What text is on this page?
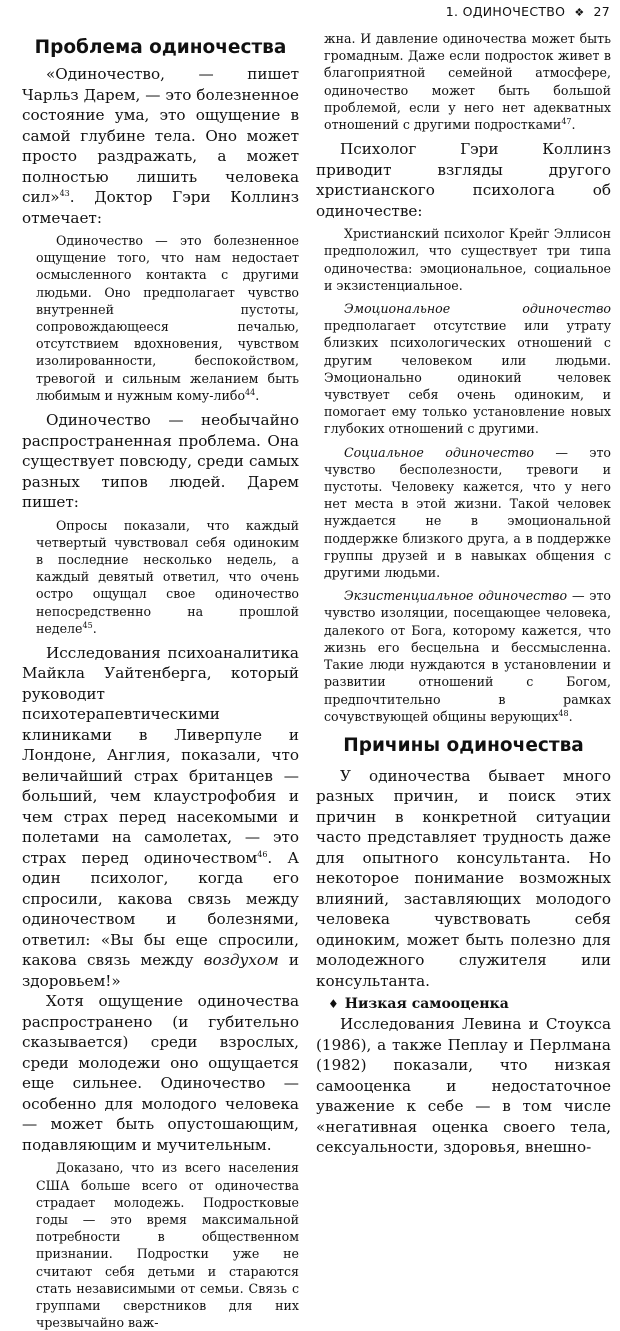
1. ОДИНОЧЕСТВО ❖ 27
Проблема одиночества

«Одиночество, — пишет Чарльз Дарем, — это болезненное состояние ума, это ощущение в самой глубине тела. Оно может просто раздражать, а может полностью лишить человека сил»$^{43}$. Доктор Гэри Коллинз отмечает:

Одиночество — это болезненное ощущение того, что нам недостает осмысленного контакта с другими людьми. Оно предполагает чувство внутренней пустоты, сопровождающееся печалью, отсутствием вдохновения, чувством изолированности, беспокойством, тревогой и сильным желанием быть любимым и нужным кому-либо$^{44}$.

Одиночество — необычайно распространенная проблема. Она существует повсюду, среди самых разных типов людей. Дарем пишет:

Опросы показали, что каждый четвертый чувствовал себя одиноким в последние несколько недель, а каждый девятый ответил, что очень остро ощущал свое одиночество непосредственно на прошлой неделе$^{45}$.

Исследования психоаналитика Майкла Уайтенберга, который руководит психотерапевтическими клиниками в Ливерпуле и Лондоне, Англия, показали, что величайший страх британцев — больший, чем клаустрофобия и чем страх перед насекомыми и полетами на самолетах, — это страх перед одиночеством$^{46}$. А один психолог, когда его спросили, какова связь между одиночеством и болезнями, ответил: «Вы бы еще спросили, какова связь между воздухом и здоровьем!»

Хотя ощущение одиночества распространено (и губительно сказывается) среди взрослых, среди молодежи оно ощущается еще сильнее. Одиночество — особенно для молодого человека — может быть опустошающим, подавляющим и мучительным.

Доказано, что из всего населения США больше всего от одиночества страдает молодежь. Подростковые годы — это время максимальной потребности в общественном признании. Подростки уже не считают себя детьми и стараются стать независимыми от семьи. Связь с группами сверстников для них чрезвычайно важ-

жна. И давление одиночества может быть громадным. Даже если подросток живет в благоприятной семейной атмосфере, одиночество может быть большой проблемой, если у него нет адекватных отношений с другими подростками$^{47}$.

Психолог Гэри Коллинз приводит взгляды другого христианского психолога об одиночестве:

Христианский психолог Крейг Эллисон предположил, что существует три типа одиночества: эмоциональное, социальное и экзистенциальное.

Эмоциональное одиночество предполагает отсутствие или утрату близких психологических отношений с другим человеком или людьми. Эмоционально одинокий человек чувствует себя очень одиноким, и помогает ему только установление новых глубоких отношений с другими.

Социальное одиночество — это чувство бесполезности, тревоги и пустоты. Человеку кажется, что у него нет места в этой жизни. Такой человек нуждается не в эмоциональной поддержке близкого друга, а в поддержке группы друзей и в навыках общения с другими людьми.

Экзистенциальное одиночество — это чувство изоляции, посещающее человека, далекого от Бога, которому кажется, что жизнь его бесцельна и бессмысленна. Такие люди нуждаются в установлении и развитии отношений с Богом, предпочтительно в рамках сочувствующей общины верующих$^{48}$.

Причины одиночества

У одиночества бывает много разных причин, и поиск этих причин в конкретной ситуации часто представляет трудность даже для опытного консультанта. Но некоторое понимание возможных влияний, заставляющих молодого человека чувствовать себя одиноким, может быть полезно для молодежного служителя или консультанта.

♦ Низкая самооценка

Исследования Левина и Стоукса (1986), а также Пеплау и Перлмана (1982) показали, что низкая самооценка и недостаточное уважение к себе — в том числе «негативная оценка своего тела, сексуальности, здоровья, внешно-
